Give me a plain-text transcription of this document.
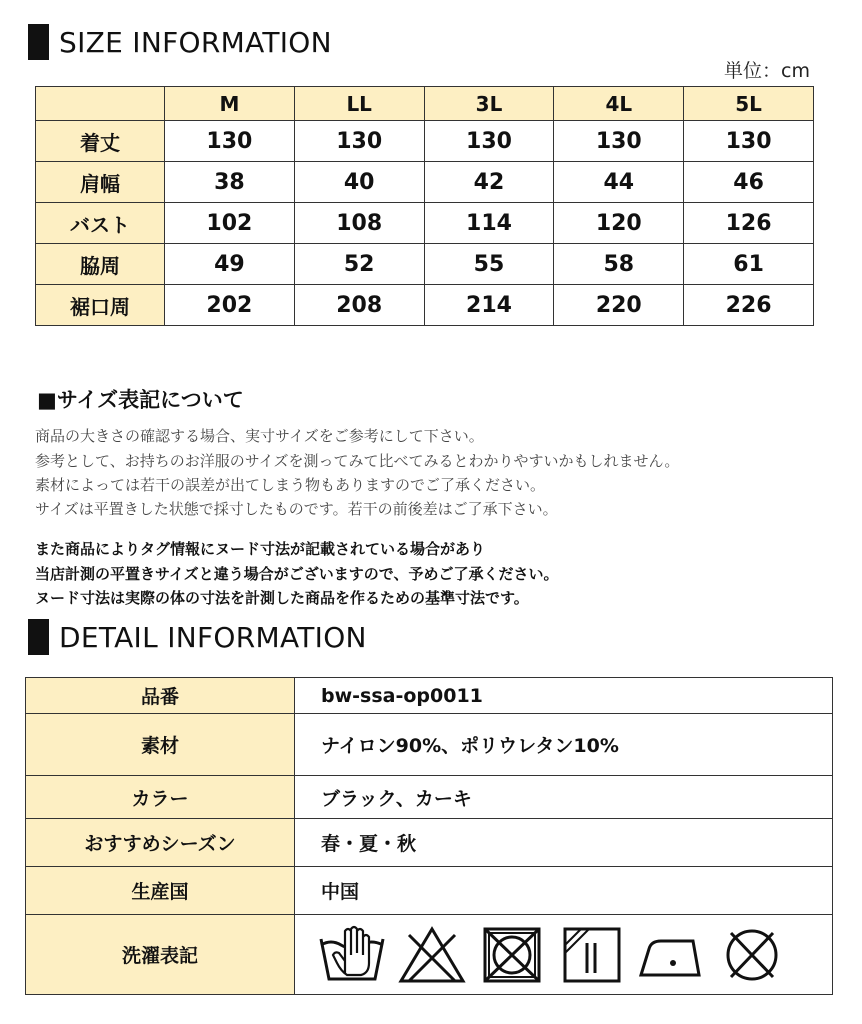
SIZE INFORMATION
単位：cm
	M	LL	3L	4L	5L
着丈	130	130	130	130	130
肩幅	38	40	42	44	46
バスト	102	108	114	120	126
脇周	49	52	55	58	61
裾口周	202	208	214	220	226
■サイズ表記について
商品の大きさの確認する場合、実寸サイズをご参考にして下さい。
参考として、お持ちのお洋服のサイズを測ってみて比べてみるとわかりやすいかもしれません。
素材によっては若干の誤差が出てしまう物もありますのでご了承ください。
サイズは平置きした状態で採寸したものです。若干の前後差はご了承下さい。
また商品によりタグ情報にヌード寸法が記載されている場合があり
当店計測の平置きサイズと違う場合がございますので、予めご了承ください。
ヌード寸法は実際の体の寸法を計測した商品を作るための基準寸法です。
DETAIL INFORMATION
品番	bw-ssa-op0011
素材	ナイロン90%、ポリウレタン10%
カラー	ブラック、カーキ
おすすめシーズン	春・夏・秋
生産国	中国
洗濯表記	
